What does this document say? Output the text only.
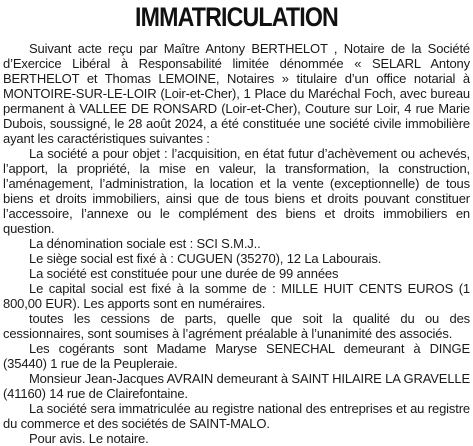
IMMATRICULATION

Suivant acte reçu par Maître Antony BERTHELOT , Notaire de la Société d’Exercice Libéral à Responsabilité limitée dénommée « SELARL Antony BERTHELOT et Thomas LEMOINE, Notaires » titulaire d’un office notarial à MONTOIRE-SUR-LE-LOIR (Loir-et-Cher), 1 Place du Maréchal Foch, avec bureau permanent à VALLEE DE RONSARD (Loir-et-Cher), Couture sur Loir, 4 rue Marie Dubois, soussigné, le 28 août 2024, a été constituée une société civile immobilière ayant les caractéristiques suivantes :

La société a pour objet : l’acquisition, en état futur d’achèvement ou achevés, l’apport, la propriété, la mise en valeur, la transformation, la construction, l’aménagement, l’administration, la location et la vente (exceptionnelle) de tous biens et droits immobiliers, ainsi que de tous biens et droits pouvant constituer l’accessoire, l’annexe ou le complément des biens et droits immobiliers en question.

La dénomination sociale est : SCI S.M.J..

Le siège social est fixé à : CUGUEN (35270), 12 La Labourais.

La société est constituée pour une durée de 99 années

Le capital social est fixé à la somme de : MILLE HUIT CENTS EUROS (1 800,00 EUR). Les apports sont en numéraires.

toutes les cessions de parts, quelle que soit la qualité du ou des cessionnaires, sont soumises à l’agrément préalable à l’unanimité des associés.

Les cogérants sont Madame Maryse SENECHAL demeurant à DINGE (35440) 1 rue de la Peupleraie.

Monsieur Jean-Jacques AVRAIN demeurant à SAINT HILAIRE LA GRAVELLE (41160) 14 rue de Clairefontaine.

La société sera immatriculée au registre national des entreprises et au registre du commerce et des sociétés de SAINT-MALO.

Pour avis. Le notaire.
